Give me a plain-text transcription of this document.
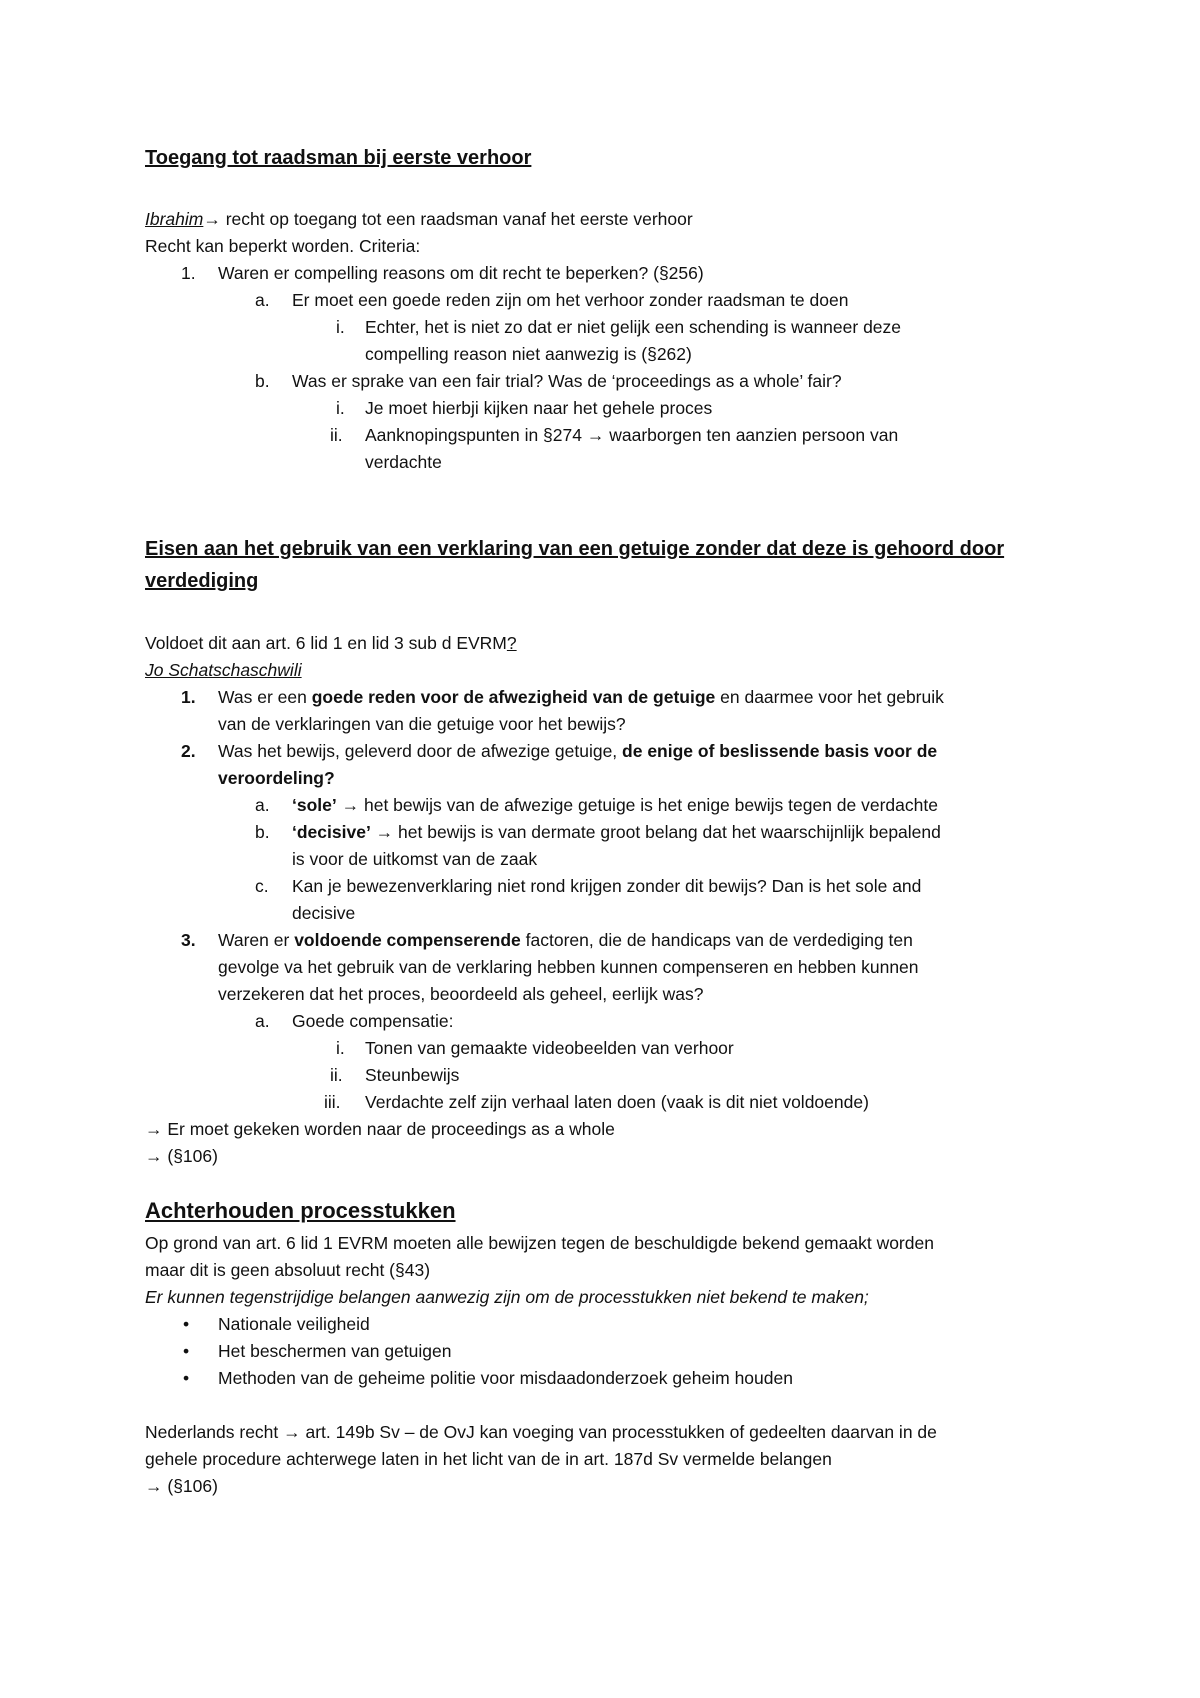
Toegang tot raadsman bij eerste verhoor
Ibrahim→ recht op toegang tot een raadsman vanaf het eerste verhoor
Recht kan beperkt worden. Criteria:
1. Waren er compelling reasons om dit recht te beperken? (§256)
a. Er moet een goede reden zijn om het verhoor zonder raadsman te doen
i. Echter, het is niet zo dat er niet gelijk een schending is wanneer deze
compelling reason niet aanwezig is (§262)
b. Was er sprake van een fair trial? Was de ‘proceedings as a whole’ fair?
i. Je moet hierbji kijken naar het gehele proces
ii. Aanknopingspunten in §274 → waarborgen ten aanzien persoon van
verdachte
Eisen aan het gebruik van een verklaring van een getuige zonder dat deze is gehoord door
verdediging
Voldoet dit aan art. 6 lid 1 en lid 3 sub d EVRM?
Jo Schatschaschwili
1. Was er een goede reden voor de afwezigheid van de getuige en daarmee voor het gebruik
van de verklaringen van die getuige voor het bewijs?
2. Was het bewijs, geleverd door de afwezige getuige, de enige of beslissende basis voor de
veroordeling?
a. ‘sole’ → het bewijs van de afwezige getuige is het enige bewijs tegen de verdachte
b. ‘decisive’ → het bewijs is van dermate groot belang dat het waarschijnlijk bepalend
is voor de uitkomst van de zaak
c. Kan je bewezenverklaring niet rond krijgen zonder dit bewijs? Dan is het sole and
decisive
3. Waren er voldoende compenserende factoren, die de handicaps van de verdediging ten
gevolge va het gebruik van de verklaring hebben kunnen compenseren en hebben kunnen
verzekeren dat het proces, beoordeeld als geheel, eerlijk was?
a. Goede compensatie:
i. Tonen van gemaakte videobeelden van verhoor
ii. Steunbewijs
iii. Verdachte zelf zijn verhaal laten doen (vaak is dit niet voldoende)
→ Er moet gekeken worden naar de proceedings as a whole
→ (§106)
Achterhouden processtukken
Op grond van art. 6 lid 1 EVRM moeten alle bewijzen tegen de beschuldigde bekend gemaakt worden
maar dit is geen absoluut recht (§43)
Er kunnen tegenstrijdige belangen aanwezig zijn om de processtukken niet bekend te maken;
• Nationale veiligheid
• Het beschermen van getuigen
• Methoden van de geheime politie voor misdaadonderzoek geheim houden
Nederlands recht → art. 149b Sv – de OvJ kan voeging van processtukken of gedeelten daarvan in de
gehele procedure achterwege laten in het licht van de in art. 187d Sv vermelde belangen
→ (§106)
